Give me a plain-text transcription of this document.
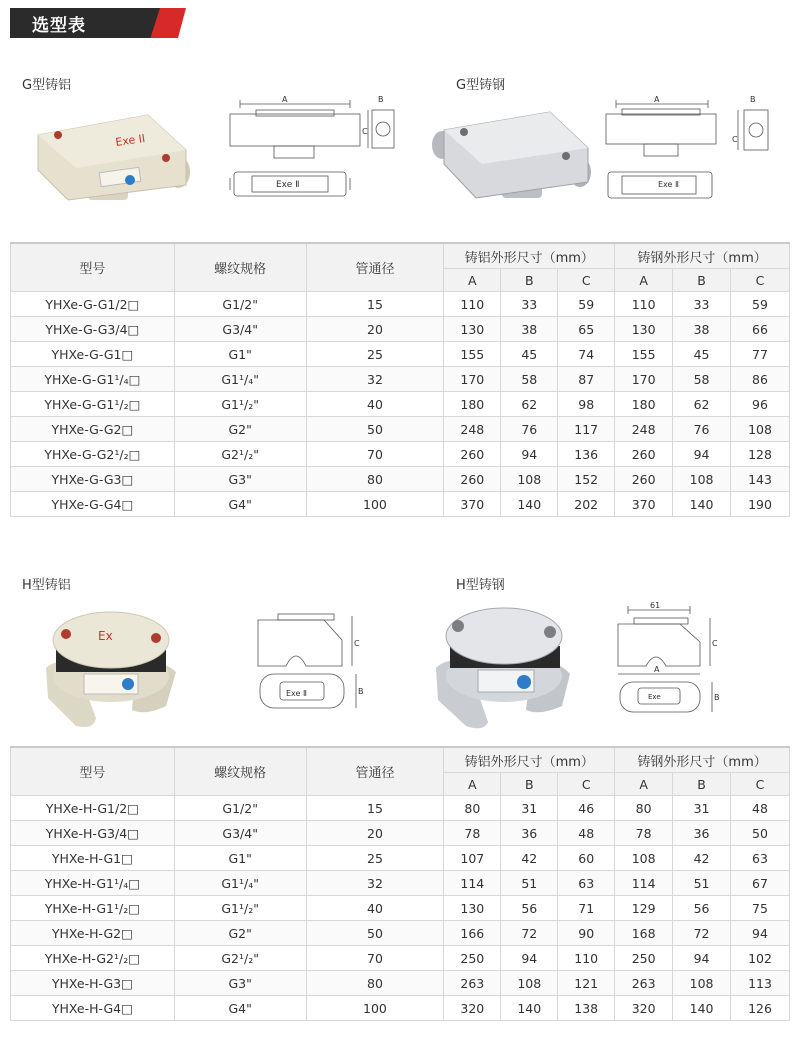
选型表
G型铸铝	G型铸钢
Exe II
A	B
C
Exe Ⅱ
A	B
C
Exe Ⅱ
型号	螺纹规格	管通径	铸铝外形尺寸（mm）			铸钢外形尺寸（mm）		
			A	B	C	A	B	C
YHXe-G-G1/2□	G1/2"	15	110	33	59	110	33	59
YHXe-G-G3/4□	G3/4"	20	130	38	65	130	38	66
YHXe-G-G1□	G1"	25	155	45	74	155	45	77
YHXe-G-G1¹/₄□	G1¹/₄"	32	170	58	87	170	58	86
YHXe-G-G1¹/₂□	G1¹/₂"	40	180	62	98	180	62	96
YHXe-G-G2□	G2"	50	248	76	117	248	76	108
YHXe-G-G2¹/₂□	G2¹/₂"	70	260	94	136	260	94	128
YHXe-G-G3□	G3"	80	260	108	152	260	108	143
YHXe-G-G4□	G4"	100	370	140	202	370	140	190
H型铸铝	H型铸钢
Ex
C
B
Exe Ⅱ
61
C
A
B
Exe
型号	螺纹规格	管通径	铸铝外形尺寸（mm）			铸钢外形尺寸（mm）		
			A	B	C	A	B	C
YHXe-H-G1/2□	G1/2"	15	80	31	46	80	31	48
YHXe-H-G3/4□	G3/4"	20	78	36	48	78	36	50
YHXe-H-G1□	G1"	25	107	42	60	108	42	63
YHXe-H-G1¹/₄□	G1¹/₄"	32	114	51	63	114	51	67
YHXe-H-G1¹/₂□	G1¹/₂"	40	130	56	71	129	56	75
YHXe-H-G2□	G2"	50	166	72	90	168	72	94
YHXe-H-G2¹/₂□	G2¹/₂"	70	250	94	110	250	94	102
YHXe-H-G3□	G3"	80	263	108	121	263	108	113
YHXe-H-G4□	G4"	100	320	140	138	320	140	126
